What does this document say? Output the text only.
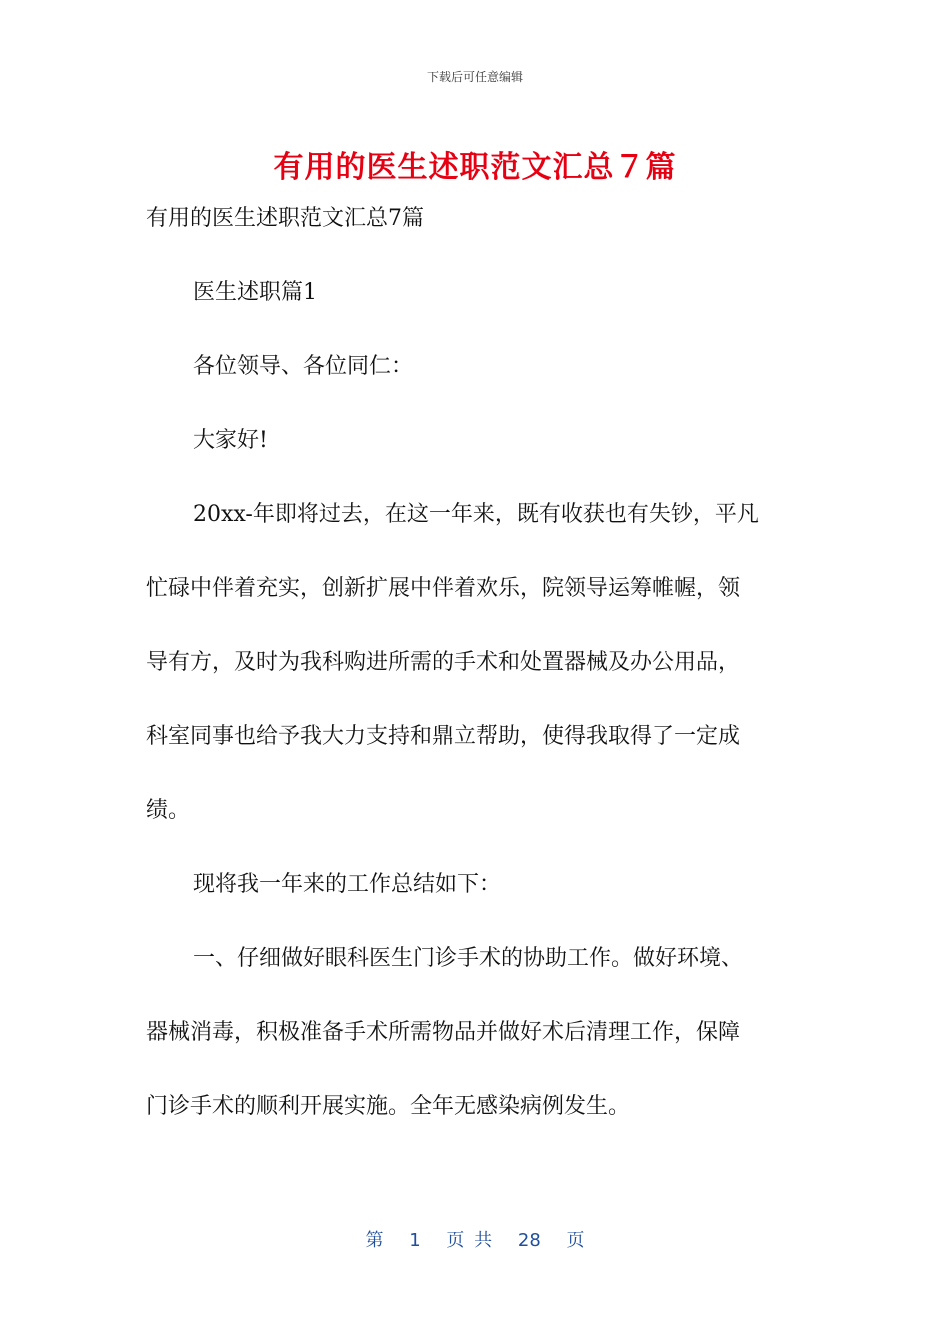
下载后可任意编辑
有用的医生述职范文汇总７篇

有用的医生述职范文汇总7篇

医生述职篇1

各位领导、各位同仁：

大家好!

20xx-年即将过去，在这一年来，既有收获也有失钞，平凡

忙碌中伴着充实，创新扩展中伴着欢乐，院领导运筹帷幄，领

导有方，及时为我科购进所需的手术和处置器械及办公用品，

科室同事也给予我大力支持和鼎立帮助，使得我取得了一定成

绩。

现将我一年来的工作总结如下：

一、仔细做好眼科医生门诊手术的协助工作。做好环境、

器械消毒，积极准备手术所需物品并做好术后清理工作，保障

门诊手术的顺利开展实施。全年无感染病例发生。

第 1 页 共 28 页
